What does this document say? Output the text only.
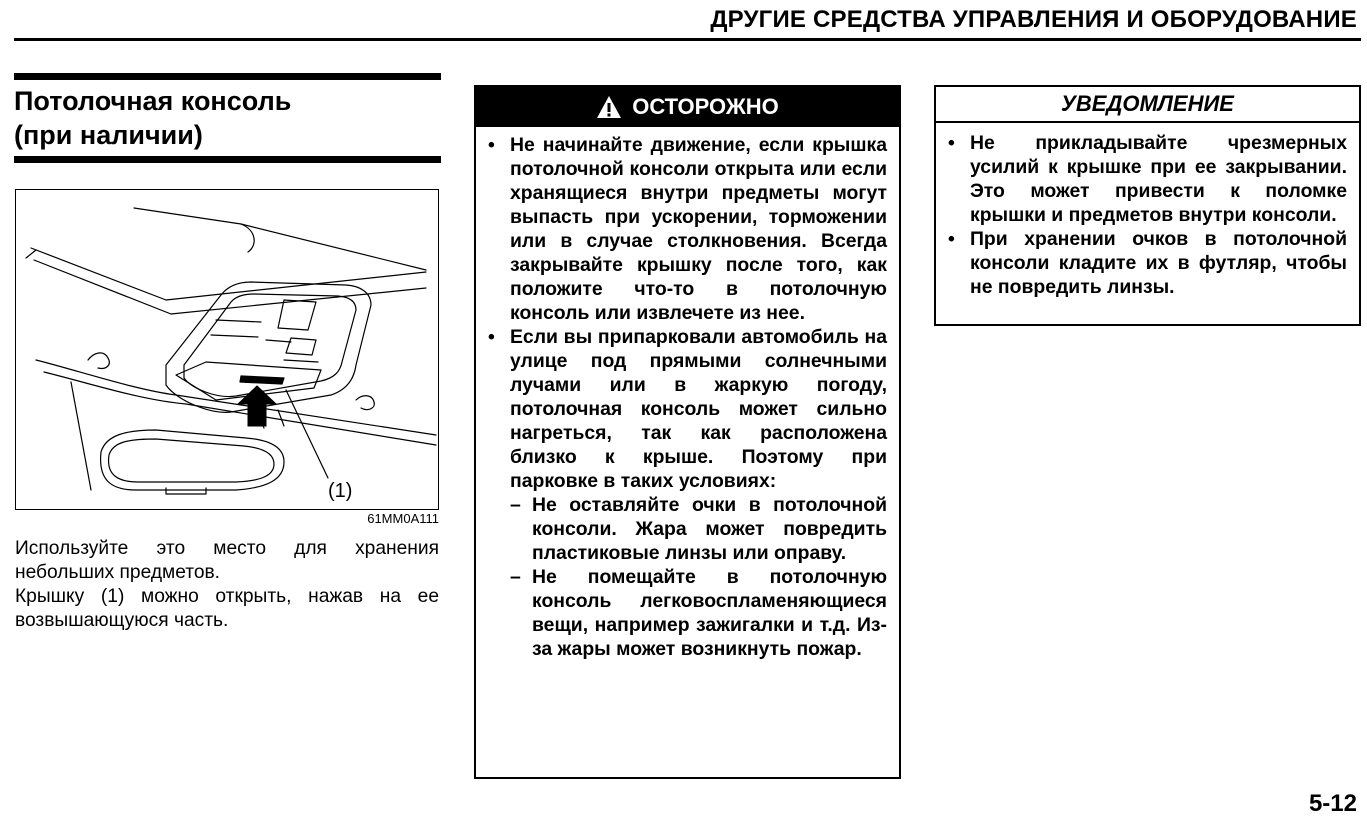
ДРУГИЕ СРЕДСТВА УПРАВЛЕНИЯ И ОБОРУДОВАНИЕ
Потолочная консоль
(при наличии)
(1)
61MM0A111

Используйте это место для хранения небольших предметов.

Крышку (1) можно открыть, нажав на ее возвышающуюся часть.

ОСТОРОЖНО
• Не начинайте движение, если крышка потолочной консоли открыта или если хранящиеся внутри предметы могут выпасть при ускорении, торможении или в случае столкновения. Всегда закрывайте крышку после того, как положите что-то в потолочную консоль или извлечете из нее.
• Если вы припарковали автомобиль на улице под прямыми солнечными лучами или в жаркую погоду, потолочная консоль может сильно нагреться, так как расположена близко к крыше. Поэтому при парковке в таких условиях:
– Не оставляйте очки в потолочной консоли. Жара может повредить пластиковые линзы или оправу.
– Не помещайте в потолочную консоль легковоспламеняющиеся вещи, например зажигалки и т.д. Из-за жары может возникнуть пожар.
УВЕДОМЛЕНИЕ
• Не прикладывайте чрезмерных усилий к крышке при ее закрывании. Это может привести к поломке крышки и предметов внутри консоли.
• При хранении очков в потолочной консоли кладите их в футляр, чтобы не повредить линзы.
5-12
